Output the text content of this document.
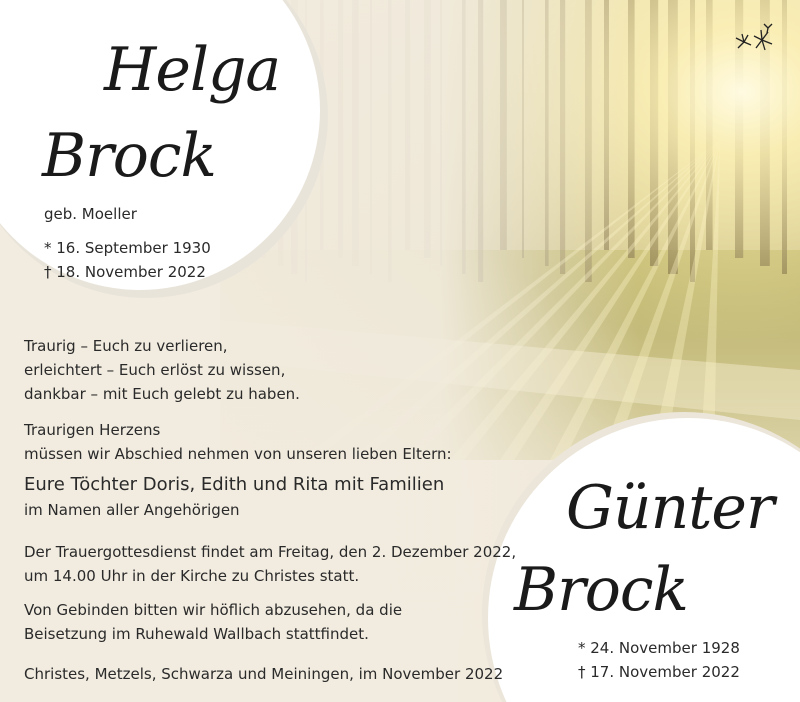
Helga
Brock
geb. Moeller
* 16. September 1930
† 18. November 2022
Günter
Brock
* 24. November 1928
† 17. November 2022

Traurig – Euch zu verlieren,
erleichtert – Euch erlöst zu wissen,
dankbar – mit Euch gelebt zu haben.

Traurigen Herzens
müssen wir Abschied nehmen von unseren lieben Eltern:

Eure Töchter Doris, Edith und Rita mit Familien
im Namen aller Angehörigen

Der Trauergottesdienst findet am Freitag, den 2. Dezember 2022,
um 14.00 Uhr in der Kirche zu Christes statt.

Von Gebinden bitten wir höflich abzusehen, da die
Beisetzung im Ruhewald Wallbach stattfindet.

Christes, Metzels, Schwarza und Meiningen, im November 2022
